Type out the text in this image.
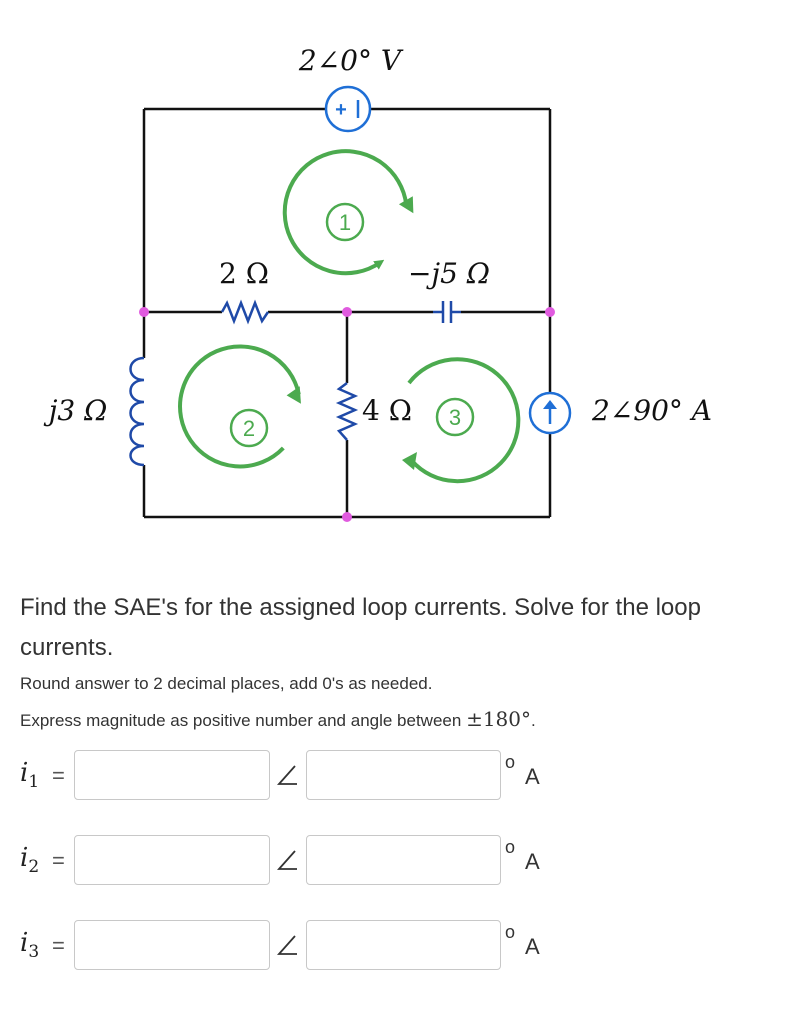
+
2∠0° V
2 Ω	−j5 Ω
j3 Ω	4 Ω	2∠90° A
1
2	3
Find the SAE's for the assigned loop currents. Solve for the loop currents.
Round answer to 2 decimal places, add 0's as needed.
Express magnitude as positive number and angle between ±180°.
$i_1$ =
o
A
$i_2$ =
o
A
$i_3$ =
o
A
